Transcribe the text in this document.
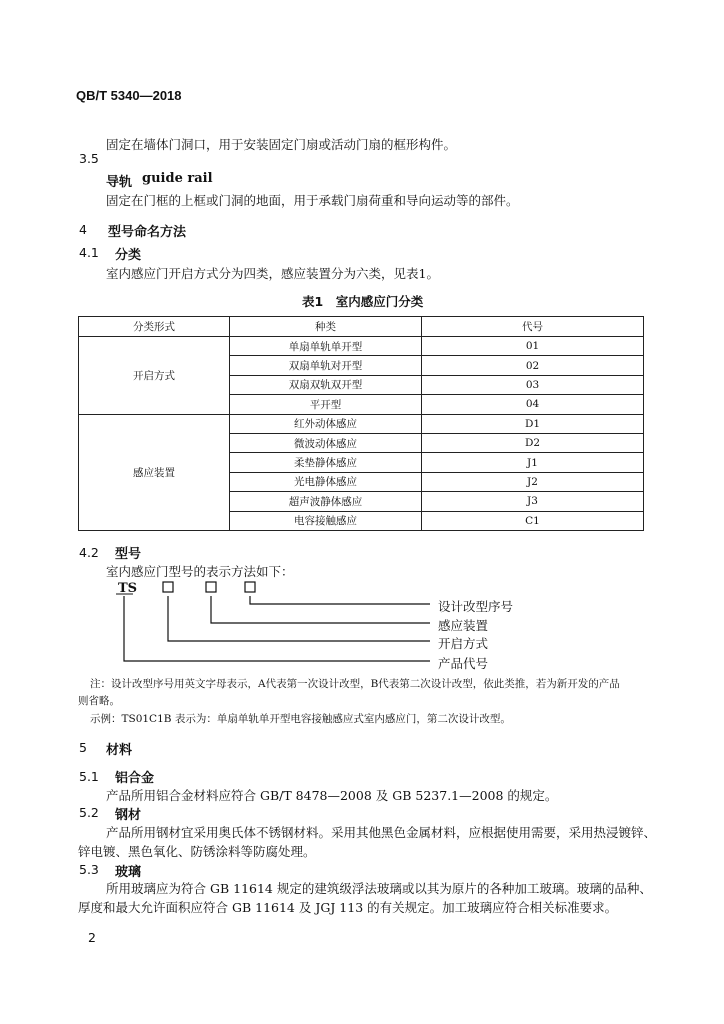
QB/T 5340—2018
固定在墙体门洞口，用于安装固定门扇或活动门扇的框形构件。
3.5
导轨 guide rail
固定在门框的上框或门洞的地面，用于承载门扇荷重和导向运动等的部件。
4 型号命名方法
4.1 分类
室内感应门开启方式分为四类，感应装置分为六类，见表1。
表1　室内感应门分类
分类形式	种类	代号
开启方式	单扇单轨单开型	01
	双扇单轨对开型	02
	双扇双轨双开型	03
	平开型	04
感应装置	红外动体感应	D1
	微波动体感应	D2
	柔垫静体感应	J1
	光电静体感应	J2
	超声波静体感应	J3
	电容接触感应	C1
4.2 型号
室内感应门型号的表示方法如下：
TS
设计改型序号
感应装置
开启方式
产品代号
注：设计改型序号用英文字母表示，A代表第一次设计改型，B代表第二次设计改型，依此类推，若为新开发的产品
则省略。
示例：TS01C1B 表示为：单扇单轨单开型电容接触感应式室内感应门，第二次设计改型。
5 材料
5.1 铝合金
产品所用铝合金材料应符合 GB/T 8478—2008 及 GB 5237.1—2008 的规定。
5.2 钢材
产品所用钢材宜采用奥氏体不锈钢材料。采用其他黑色金属材料，应根据使用需要，采用热浸镀锌、
锌电镀、黑色氧化、防锈涂料等防腐处理。
5.3 玻璃
所用玻璃应为符合 GB 11614 规定的建筑级浮法玻璃或以其为原片的各种加工玻璃。玻璃的品种、
厚度和最大允许面积应符合 GB 11614 及 JGJ 113 的有关规定。加工玻璃应符合相关标准要求。
2
